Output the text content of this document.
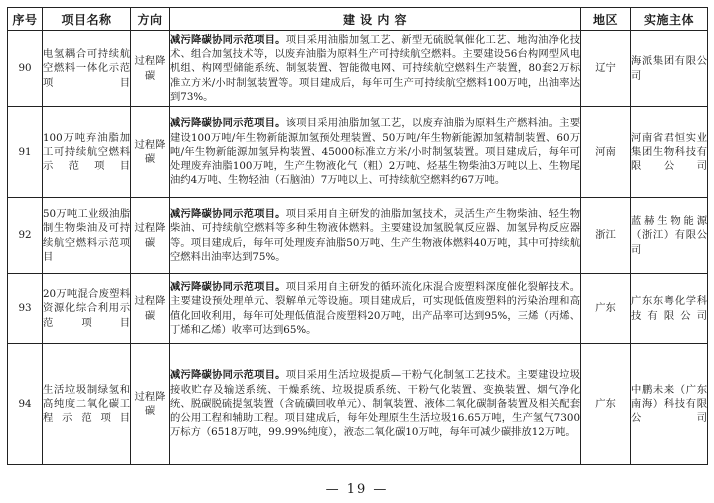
序号	项目名称	方向	建 设 内 容	地区	实施主体
90	电氢耦合可持续航空燃料一体化示范项目	过程降碳	减污降碳协同示范项目。项目采用油脂加氢工艺、新型无硫脱氧催化工艺、地沟油净化技术、组合加氢技术等，以废弃油脂为原料生产可持续航空燃料。主要建设56台构网型风电机组、构网型储能系统、制氢装置、智能微电网、可持续航空燃料生产装置，80套2万标准立方米/小时制氢装置等。项目建成后，每年可生产可持续航空燃料100万吨，出油率达到73%。	辽宁	海派集团有限公司
91	100万吨弃油脂加工可持续航空燃料示范项目	过程降碳	减污降碳协同示范项目。该项目采用油脂加氢工艺，以废弃油脂为原料生产燃料油。主要建设100万吨/年生物新能源加氢预处理装置、50万吨/年生物新能源加氢精制装置、60万吨/年生物新能源加氢异构装置、45000标准立方米/小时制氢装置。项目建成后，每年可处理废弃油脂100万吨，生产生物液化气（粗）2万吨、烃基生物柴油3万吨以上、生物尾油约4万吨、生物轻油（石脑油）7万吨以上、可持续航空燃料约67万吨。	河南	河南省君恒实业集团生物科技有限公司
92	50万吨工业级油脂制生物柴油及可持续航空燃料示范项目	过程降碳	减污降碳协同示范项目。项目采用自主研发的油脂加氢技术，灵活生产生物柴油、轻生物柴油、可持续航空燃料等多种生物液体燃料。主要建设加氢脱氧反应器、加氢异构反应器等。项目建成后，每年可处理废弃油脂50万吨、生产生物液体燃料40万吨，其中可持续航空燃料出油率达到75%。	浙江	蓝赫生物能源（浙江）有限公司
93	20万吨混合废塑料资源化综合利用示范项目	过程降碳	减污降碳协同示范项目。项目采用自主研发的循环流化床混合废塑料深度催化裂解技术。主要建设预处理单元、裂解单元等设施。项目建成后，可实现低值废塑料的污染治理和高值化回收利用，每年可处理低值混合废塑料20万吨，出产品率可达到95%，三烯（丙烯、丁烯和乙烯）收率可达到65%。	广东	广东东粤化学科技有限公司
94	生活垃圾制绿氢和高纯度二氧化碳工程示范项目	过程降碳	减污降碳协同示范项目。项目采用生活垃圾提质—干粉气化制氢工艺技术。主要建设垃圾接收贮存及输送系统、干燥系统、垃圾提质系统、干粉气化装置、变换装置、烟气净化统、脱碳脱硫提氢装置（含硫磺回收单元）、制氧装置、液体二氧化碳制备装置及相关配套的公用工程和辅助工程。项目建成后，每年处理原生生活垃圾16.65万吨，生产氢气7300万标方（6518万吨，99.99%纯度），液态二氧化碳10万吨，每年可减少碳排放12万吨。	广东	中鹏未来（广东南海）科技有限公司
— 19 —
